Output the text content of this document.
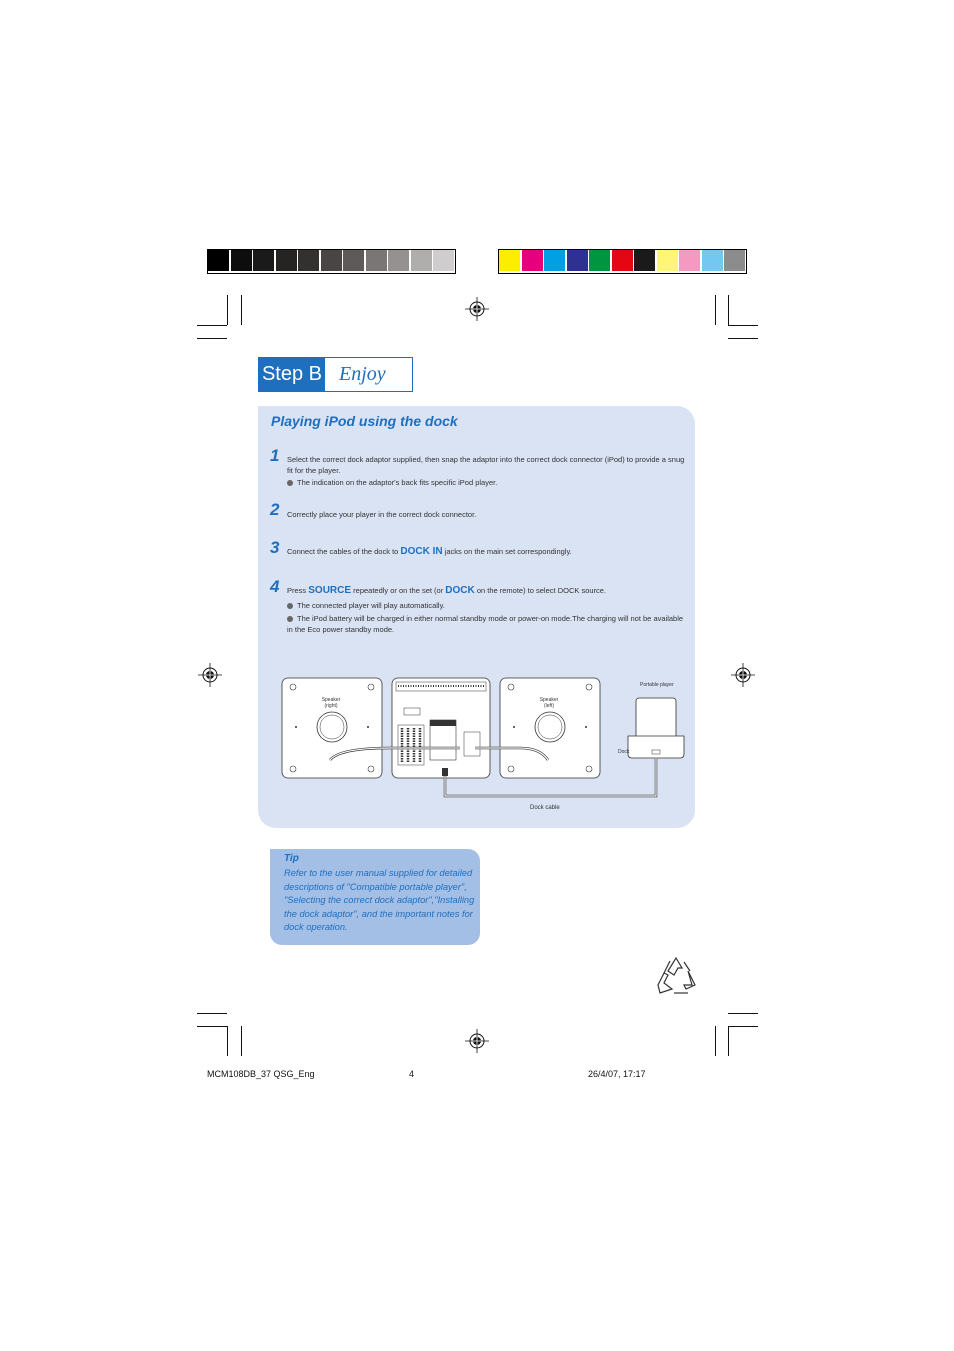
Step B Enjoy
Playing iPod using the dock
1 Select the correct dock adaptor supplied, then snap the adaptor into the correct dock connector (iPod) to provide a snug fit for the player.
The indication on the adaptor's back fits specific iPod player.
2 Correctly place your player in the correct dock connector.
3 Connect the cables of the dock to DOCK IN jacks on the main set correspondingly.
4 Press SOURCE repeatedly or on the set (or DOCK on the remote) to select DOCK source.
The connected player will play automatically.
The iPod battery will be charged in either normal standby mode or power-on mode.The charging will not be available in the Eco power standby mode.
Speaker
(right)
Speaker
(left)
Portable player
Dock
Dock cable
Tip
Refer to the user manual supplied for detailed descriptions of "Compatible portable player", "Selecting the correct dock adaptor","Installing the dock adaptor", and the important notes for dock operation.
MCM108DB_37 QSG_Eng	4	26/4/07, 17:17
